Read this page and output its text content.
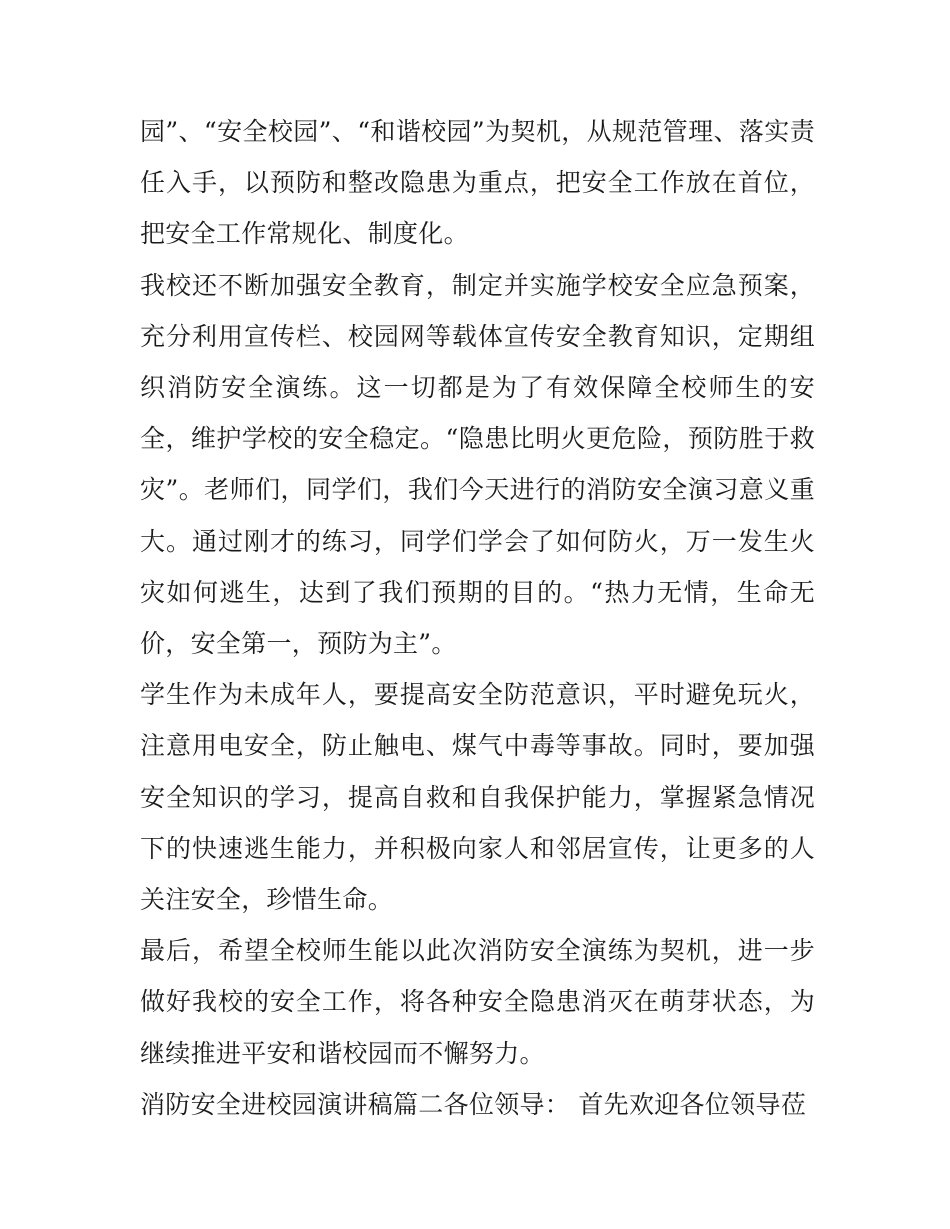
园”、“安全校园”、“和谐校园”为契机，从规范管理、落实责任入手，以预防和整改隐患为重点，把安全工作放在首位，把安全工作常规化、制度化。

我校还不断加强安全教育，制定并实施学校安全应急预案，充分利用宣传栏、校园网等载体宣传安全教育知识，定期组织消防安全演练。这一切都是为了有效保障全校师生的安全，维护学校的安全稳定。“隐患比明火更危险，预防胜于救灾”。老师们，同学们，我们今天进行的消防安全演习意义重大。通过刚才的练习，同学们学会了如何防火，万一发生火灾如何逃生，达到了我们预期的目的。“热力无情，生命无价，安全第一，预防为主”。

学生作为未成年人，要提高安全防范意识，平时避免玩火，注意用电安全，防止触电、煤气中毒等事故。同时，要加强安全知识的学习，提高自救和自我保护能力，掌握紧急情况下的快速逃生能力，并积极向家人和邻居宣传，让更多的人关注安全，珍惜生命。

最后，希望全校师生能以此次消防安全演练为契机，进一步做好我校的安全工作，将各种安全隐患消灭在萌芽状态，为继续推进平安和谐校园而不懈努力。

消防安全进校园演讲稿篇二各位领导： 首先欢迎各位领导莅
